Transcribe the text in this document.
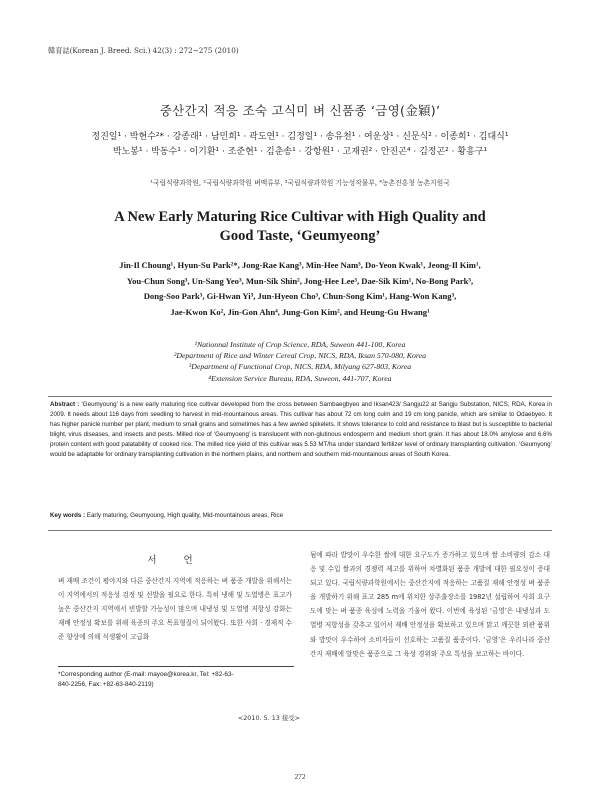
韓育誌(Korean J. Breed. Sci.) 42(3) : 272~275 (2010)
중산간지 적응 조숙 고식미 벼 신품종 ‘금영(金穎)’
정진일¹ · 박현수²* · 강종래¹ · 남민희¹ · 곽도연¹ · 김정일¹ · 송유천¹ · 여운상¹ · 신문식² · 이종희¹ · 김대식¹
박노봉¹ · 박동수¹ · 이기환¹ · 조준현¹ · 김춘송¹ · 강항원¹ · 고재권² · 안진곤⁴ · 김정곤² · 황흥구¹
¹국립식량과학원, ²국립식량과학원 벼맥류부, ³국립식량과학원 기능성작물부, ⁴농촌진흥청 농촌지원국
A New Early Maturing Rice Cultivar with High Quality and
Good Taste, ‘Geumyeong’
Jin-Il Choung¹, Hyun-Su Park²*, Jong-Rae Kang³, Min-Hee Nam³, Do-Yeon Kwak¹, Jeong-Il Kim¹,
You-Chun Song³, Un-Sang Yeo³, Mun-Sik Shin², Jong-Hee Lee³, Dae-Sik Kim¹, No-Bong Park³,
Dong-Soo Park³, Gi-Hwan Yi³, Jun-Hyeon Cho³, Chun-Song Kim¹, Hang-Won Kang³,
Jae-Kwon Ko², Jin-Gon Ahn⁴, Jung-Gon Kim², and Heung-Gu Hwang¹
¹Nationnal Institute of Crop Science, RDA, Suweon 441-100, Korea
²Department of Rice and Winter Cereal Crop, NICS, RDA, Iksan 570-080, Korea
³Department of Functional Crop, NICS, RDA, Milyang 627-803, Korea
⁴Extension Service Bureau, RDA, Suweon, 441-707, Korea
Abstract : ‘Geumyoung’ is a new early maturing rice cultivar developed from the cross between Sambaegbyeo and Iksan423/ Sangju22 at Sangju Substation, NICS, RDA, Korea in 2009. It needs about 116 days from seedling to harvest in mid-mountainous areas. This cultivar has about 72 cm long culm and 19 cm long panicle, which are similar to Odaebyeo. It has higher panicle number per plant, medium to small grains and sometimes has a few awned spikelets. It shows tolerance to cold and resistance to blast but is susceptible to bacterial blight, virus diseases, and insects and pests. Milled rice of ‘Geumyoeng’ is translucent with non-glutinous endosperm and medium short grain. It has about 18.0% amylose and 6.6% protein content with good palatability of cooked rice. The milled rice yield of this cultivar was 5.53 MT/ha under standard fertilizer level of ordinary transplanting cultivation. ‘Geumyong’ would be adaptable for ordinary transplanting cultivation in the northern plains, and northern and southern mid-mountainous areas of South Korea.
Key words : Early maturing, Geumyoung, High quality, Mid-mountainous areas, Rice
서 언

벼 재배 조건이 평야지와 다른 중산간지 지역에 적응하는 벼 품종 개발을 위해서는 이 지역에서의 적응성 검정 및 선발을 필요로 한다. 특히 냉해 및 도열병은 표고가 높은 중산간지 지역에서 빈발할 가능성이 많으며 내냉성 및 도열병 저항성 강화는 재배 안정성 확보를 위해 육종의 주요 목표형질이 되어왔다. 또한 사회 · 경제적 수준 향상에 의해 식생활이 고급화

됨에 따라 밥맛이 우수한 쌀에 대한 요구도가 증가하고 있으며 쌀 소비량의 감소 대응 및 수입 쌀과의 경쟁력 제고를 위하여 차별화된 품종 개발에 대한 필요성이 증대되고 있다. 국립식량과학원에서는 중산간지에 적응하는 고품질 재해 안정성 벼 품종을 개발하기 위해 표고 285 m에 위치한 상주출장소를 1982년 설립하여 사회 요구도에 맞는 벼 품종 육성에 노력을 기울여 왔다. 이번에 육성된 ‘금영’은 내냉성과 도열병 저항성을 갖추고 있어서 재배 안정성을 확보하고 있으며 맑고 깨끗한 외관 품위와 밥맛이 우수하여 소비자들이 선호하는 고품질 품종이다. ‘금영’은 우리나라 중산간지 재배에 알맞은 품종으로 그 육성 경위와 주요 특성을 보고하는 바이다.

*Corresponding author (E-mail: mayoe@korea.kr, Tel: +82-63-
840-2256, Fax: +82-63-840-2119)
<2010. 5. 13 接受>
272
